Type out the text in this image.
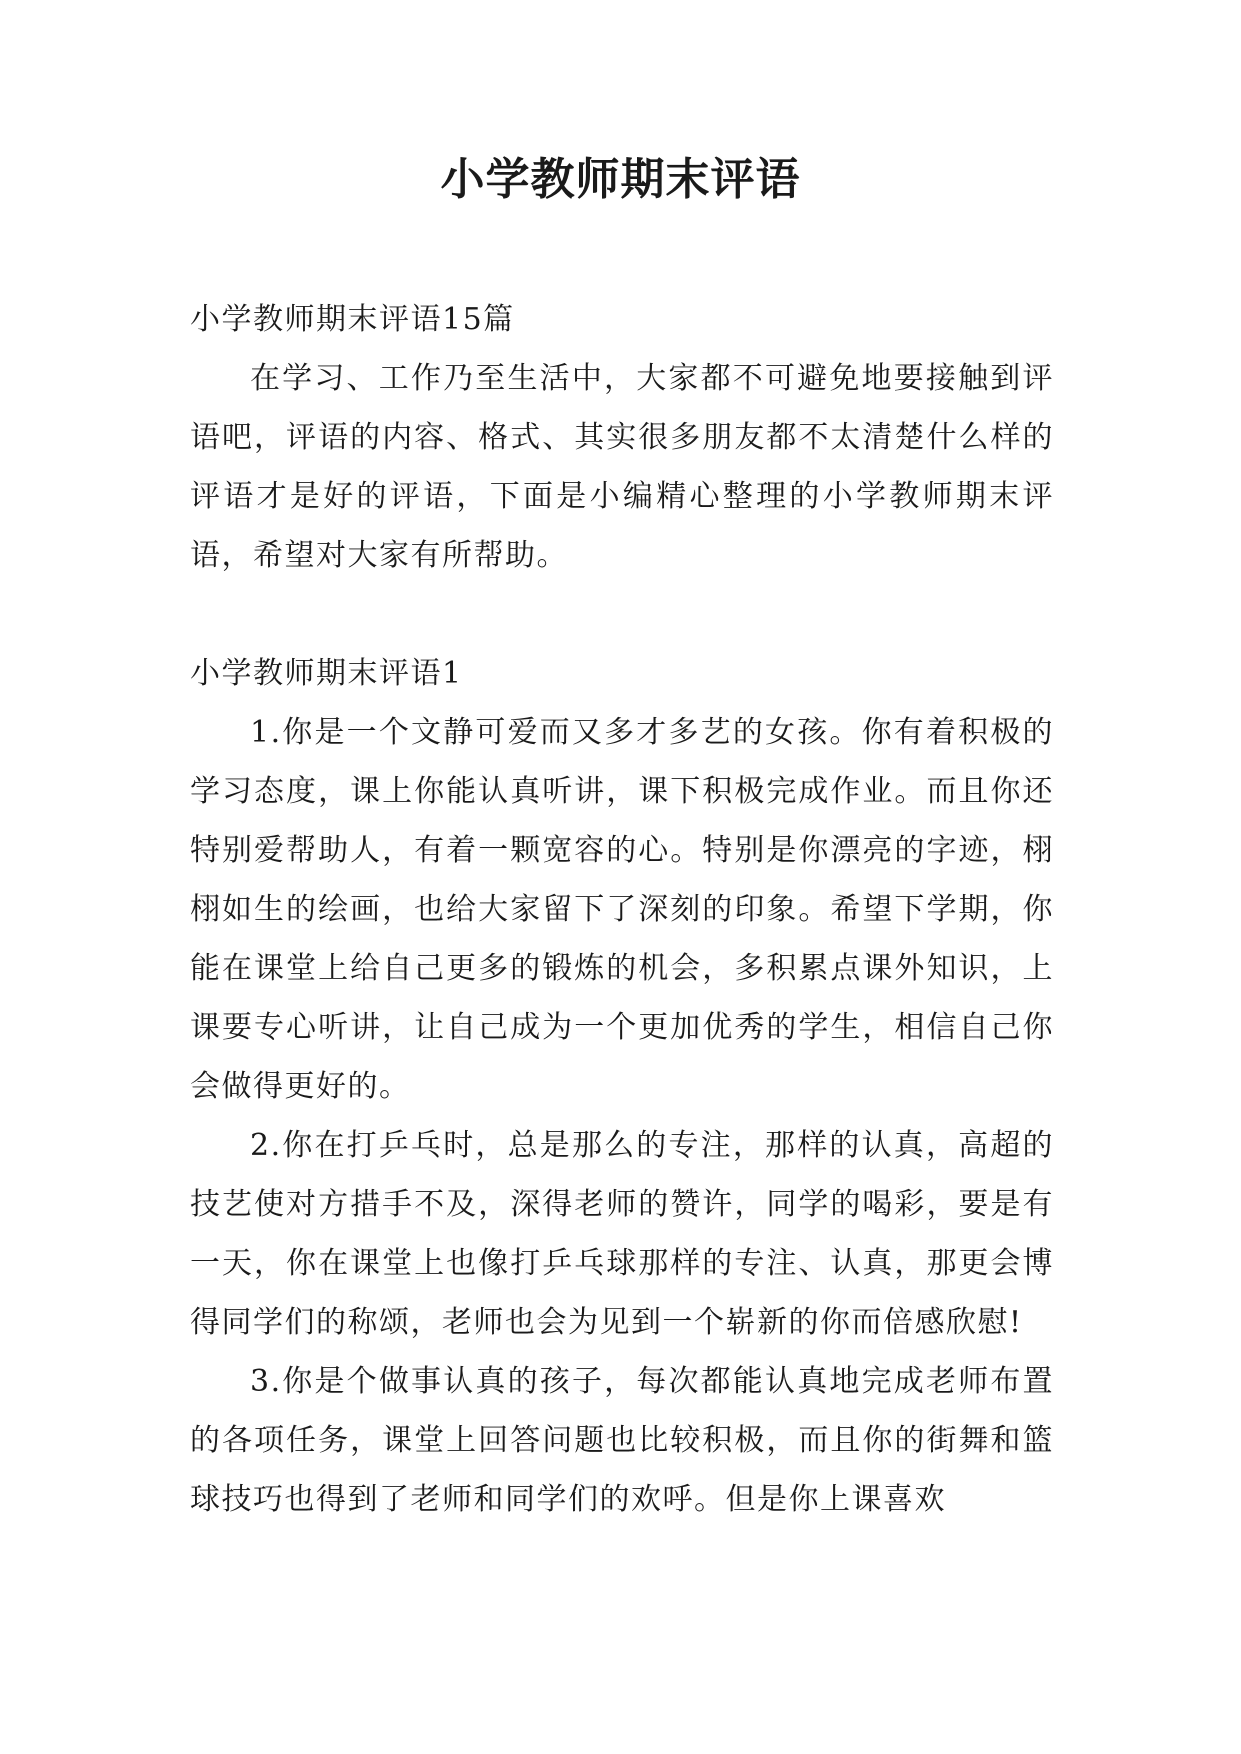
小学教师期末评语

小学教师期末评语15篇

在学习、工作乃至生活中，大家都不可避免地要接触到评语吧，评语的内容、格式、其实很多朋友都不太清楚什么样的评语才是好的评语，下面是小编精心整理的小学教师期末评语，希望对大家有所帮助。

小学教师期末评语1

1.你是一个文静可爱而又多才多艺的女孩。你有着积极的学习态度，课上你能认真听讲，课下积极完成作业。而且你还特别爱帮助人，有着一颗宽容的心。特别是你漂亮的字迹，栩栩如生的绘画，也给大家留下了深刻的印象。希望下学期，你能在课堂上给自己更多的锻炼的机会，多积累点课外知识，上课要专心听讲，让自己成为一个更加优秀的学生，相信自己你会做得更好的。

2.你在打乒乓时，总是那么的专注，那样的认真，高超的技艺使对方措手不及，深得老师的赞许，同学的喝彩，要是有一天，你在课堂上也像打乒乓球那样的专注、认真，那更会博得同学们的称颂，老师也会为见到一个崭新的你而倍感欣慰!

3.你是个做事认真的孩子，每次都能认真地完成老师布置的各项任务，课堂上回答问题也比较积极，而且你的街舞和篮球技巧也得到了老师和同学们的欢呼。但是你上课喜欢
